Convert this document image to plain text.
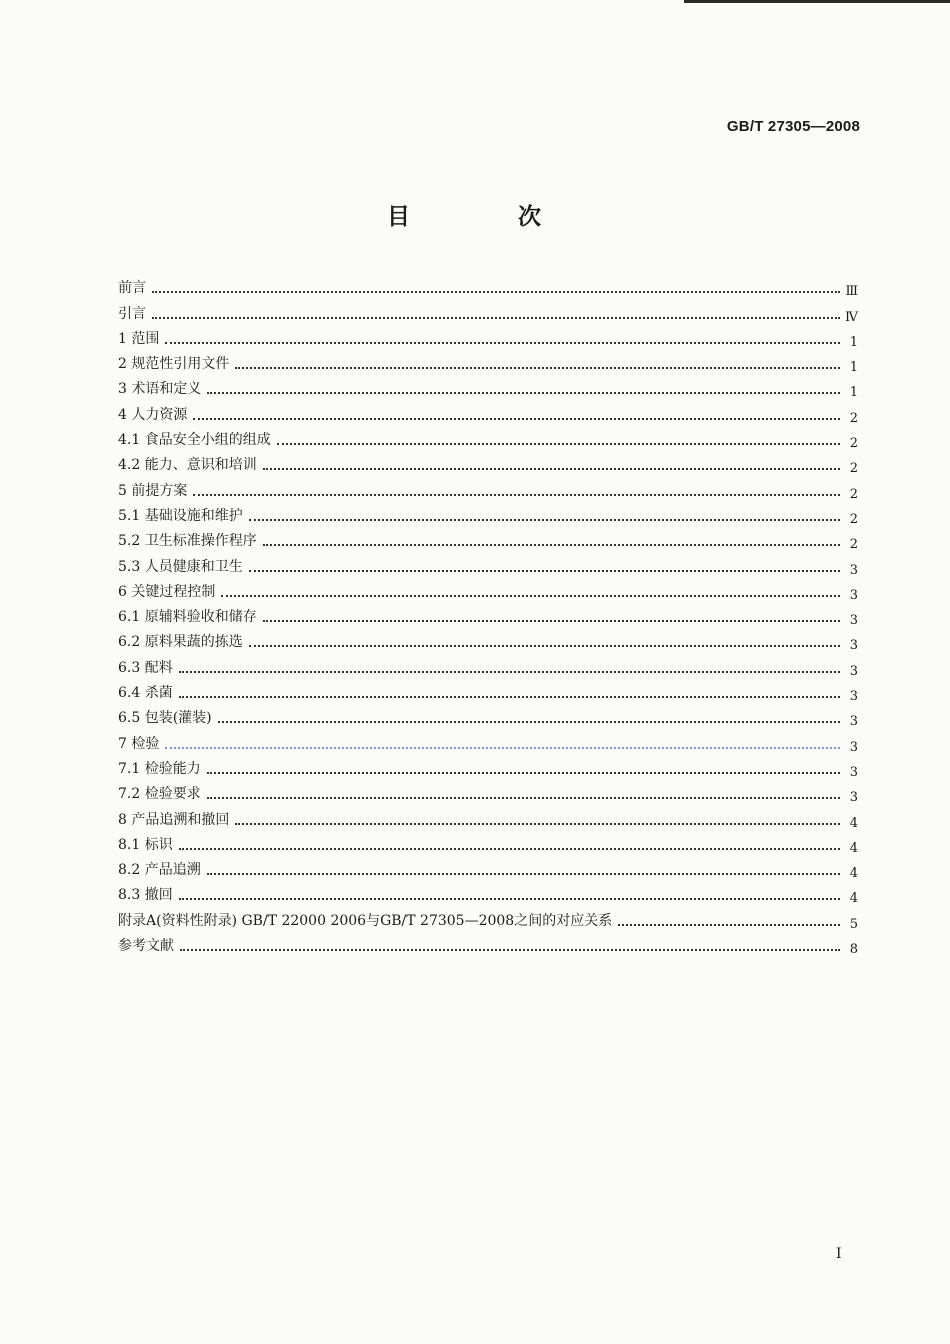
GB/T 27305—2008
目 次
前言	Ⅲ
引言	Ⅳ
1 范围	1
2 规范性引用文件	1
3 术语和定义	1
4 人力资源	2
4.1 食品安全小组的组成	2
4.2 能力、意识和培训	2
5 前提方案	2
5.1 基础设施和维护	2
5.2 卫生标准操作程序	2
5.3 人员健康和卫生	3
6 关键过程控制	3
6.1 原辅料验收和储存	3
6.2 原料果蔬的拣选	3
6.3 配料	3
6.4 杀菌	3
6.5 包装(灌装)	3
7 检验	3
7.1 检验能力	3
7.2 检验要求	3
8 产品追溯和撤回	4
8.1 标识	4
8.2 产品追溯	4
8.3 撤回	4
附录A(资料性附录) GB/T 22000 2006与GB/T 27305—2008之间的对应关系	5
参考文献	8
I
